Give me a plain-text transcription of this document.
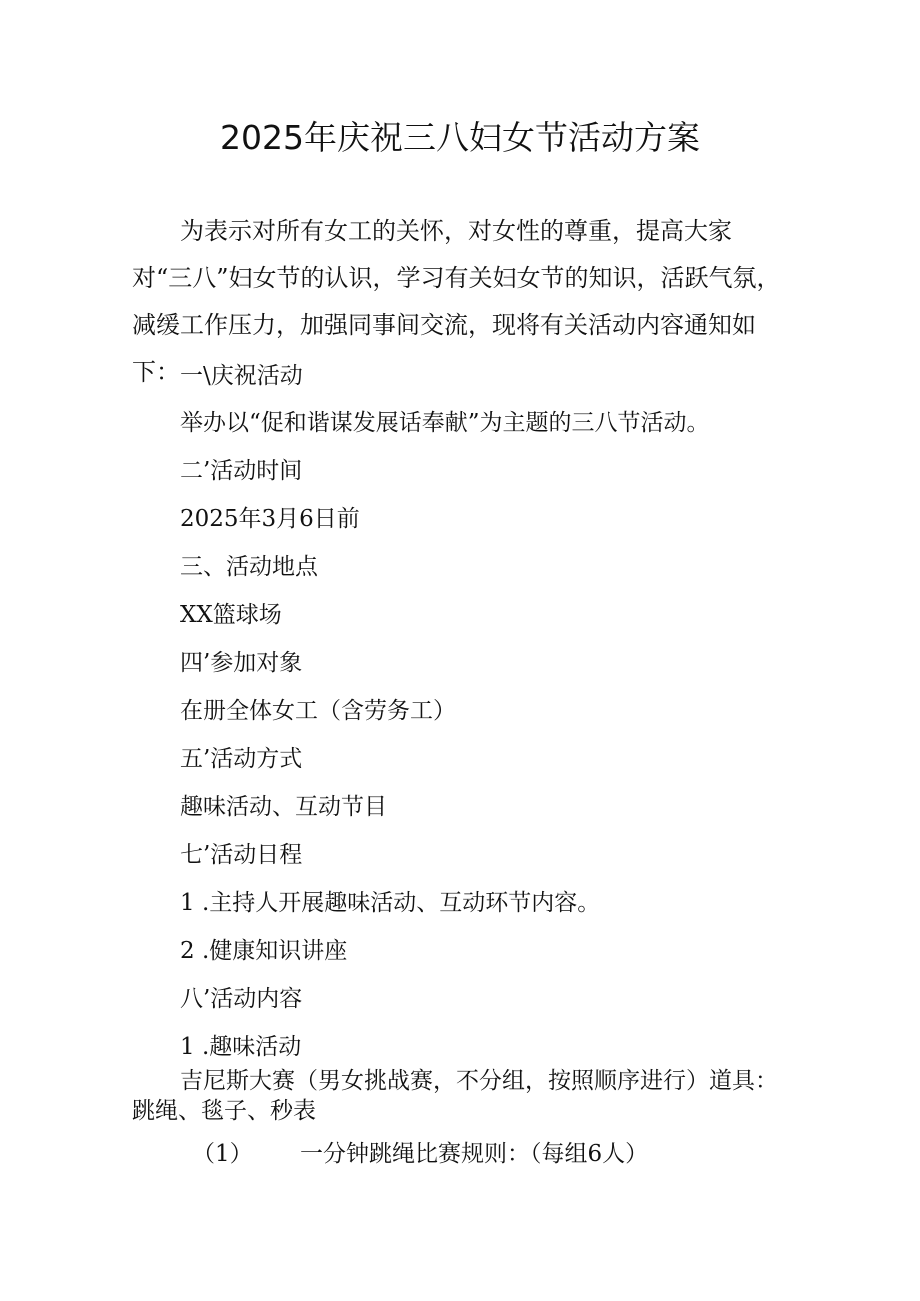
2025年庆祝三八妇女节活动方案

为表示对所有女工的关怀，对女性的尊重，提高大家对“三八”妇女节的认识，学习有关妇女节的知识，活跃气氛，减缓工作压力，加强同事间交流，现将有关活动内容通知如下： 一\庆祝活动

举办以“促和谐谋发展话奉献”为主题的三八节活动。

二’活动时间

2025年3月6日前

三、活动地点

XX篮球场

四’参加对象

在册全体女工（含劳务工）

五’活动方式

趣味活动、互动节目

七’活动日程

1 .主持人开展趣味活动、互动环节内容。

2 .健康知识讲座

八’活动内容

1 .趣味活动

吉尼斯大赛（男女挑战赛，不分组，按照顺序进行）道具：跳绳、毯子、秒表

（1） 一分钟跳绳比赛规则：（每组6人）
